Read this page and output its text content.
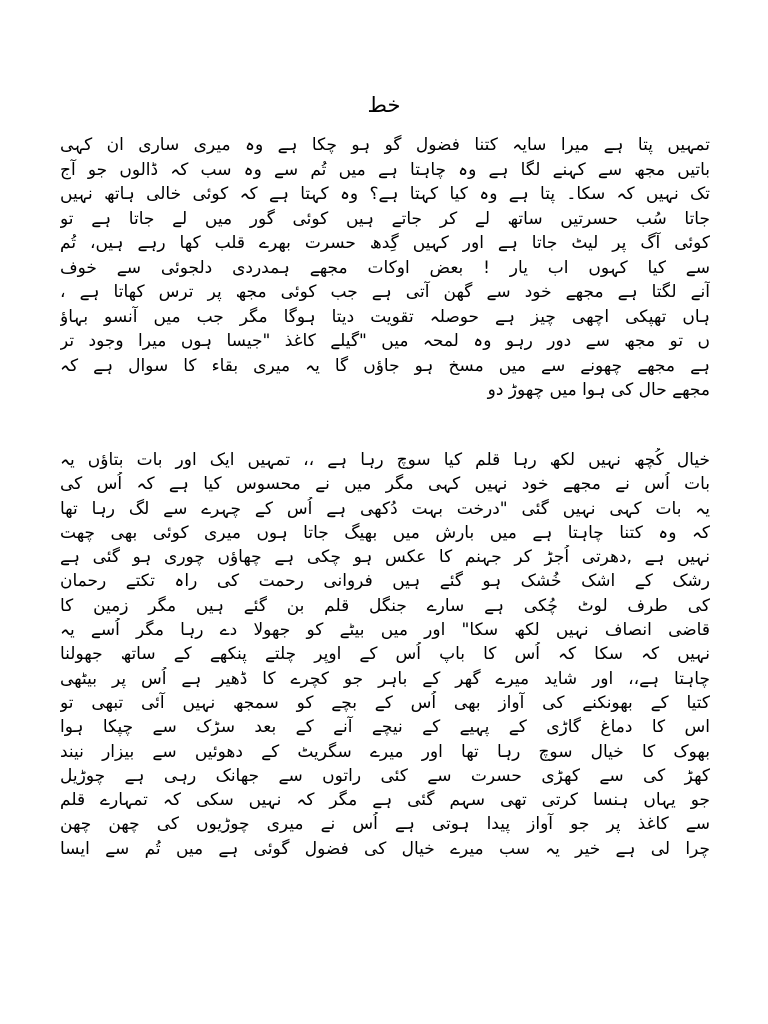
خط
تمہیں پتا ہے میرا سایہ کتنا فضول گو ہو چکا ہے وہ میری ساری ان کہی
باتیں مجھ سے کہنے لگا ہے وہ چاہتا ہے میں تُم سے وہ سب کہ ڈالوں جو آج
تک نہیں کہ سکا۔ پتا ہے وہ کیا کہتا ہے؟ وہ کہتا ہے کہ کوئی خالی ہاتھ نہیں
جاتا سُب حسرتیں ساتھ لے کر جاتے ہیں کوئی گور میں لے جاتا ہے تو
کوئی آگ پر لیٹ جاتا ہے اور کہیں گِدھ حسرت بھرے قلب کھا رہے ہیں، تُم
سے کیا کہوں اب یار ! بعض اوکات مجھے ہمدردی دلجوئی سے خوف
آنے لگتا ہے مجھے خود سے گھن آتی ہے جب کوئی مجھ پر ترس کھاتا ہے ،
ہاں تھپکی اچھی چیز ہے حوصلہ تقویت دیتا ہوگا مگر جب میں آنسو بہاؤ
ں تو مجھ سے دور رہو وہ لمحہ میں "گیلے کاغذ "جیسا ہوں میرا وجود تر
ہے مجھے چھونے سے میں مسخ ہو جاؤں گا یہ میری بقاء کا سوال ہے کہ
مجھے حال کی ہوا میں چھوڑ دو
خیال کُچھ نہیں لکھ رہا قلم کیا سوچ رہا ہے ،، تمہیں ایک اور بات بتاؤں یہ
بات اُس نے مجھے خود نہیں کہی مگر میں نے محسوس کیا ہے کہ اُس کی
یہ بات کہی نہیں گئی "درخت بہت دُکھی ہے اُس کے چہرے سے لگ رہا تھا
کہ وہ کتنا چاہتا ہے میں بارش میں بھیگ جاتا ہوں میری کوئی بھی چھت
نہیں ہے ,دھرتی اُجڑ کر جہنم کا عکس ہو چکی ہے چھاؤں چوری ہو گئی ہے
رشک کے اشک خُشک ہو گئے ہیں فروانی رحمت کی راہ تکتے رحمان
کی طرف لوٹ چُکی ہے سارے جنگل قلم بن گئے ہیں مگر زمین کا
قاضی انصاف نہیں لکھ سکا" اور میں بیٹے کو جھولا دے رہا مگر اُسے یہ
نہیں کہ سکا کہ اُس کا باپ اُس کے اوپر چلتے پنکھے کے ساتھ جھولنا
چاہتا ہے،، اور شاید میرے گھر کے باہر جو کچرے کا ڈھیر ہے اُس پر بیٹھی
کتیا کے بھونکنے کی آواز بھی اُس کے بچے کو سمجھ نہیں آئی تبھی تو
اس کا دماغ گاڑی کے پہیے کے نیچے آنے کے بعد سڑک سے چپکا ہوا
بھوک کا خیال سوچ رہا تھا اور میرے سگریٹ کے دھوئیں سے بیزار نیند
کھڑ کی سے کھڑی حسرت سے کئی راتوں سے جھانک رہی ہے چوڑیل
جو یہاں ہنسا کرتی تھی سہم گئی ہے مگر کہ نہیں سکی کہ تمہارے قلم
سے کاغذ پر جو آواز پیدا ہوتی ہے اُس نے میری چوڑیوں کی چھن چھن
چرا لی ہے خیر یہ سب میرے خیال کی فضول گوئی ہے میں تُم سے ایسا
